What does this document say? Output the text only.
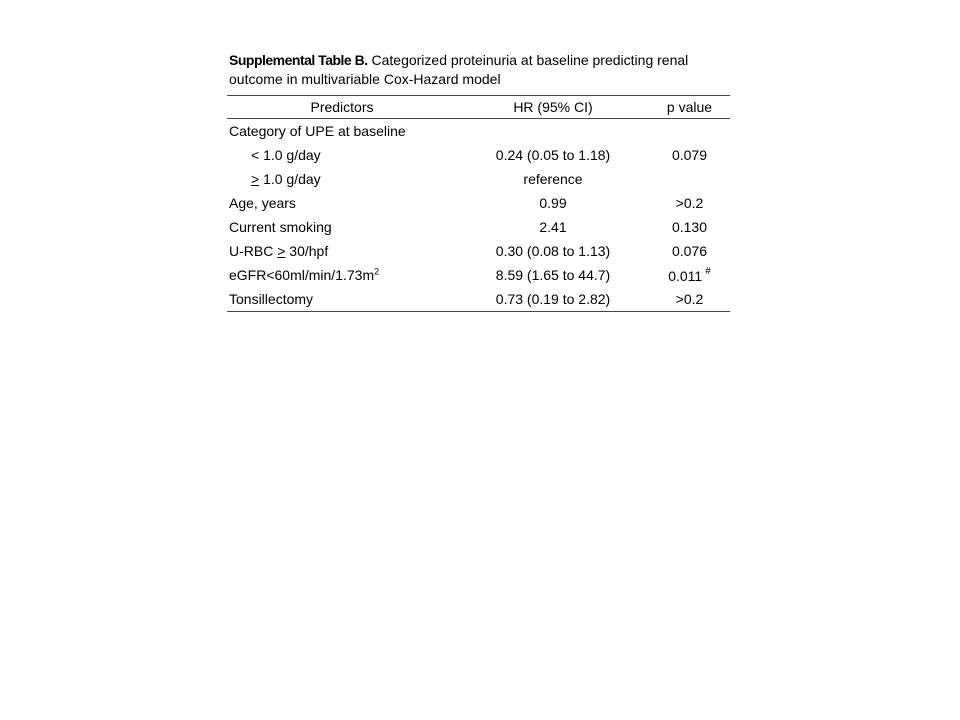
Supplemental Table B. Categorized proteinuria at baseline predicting renal outcome in multivariable Cox-Hazard model
Predictors	HR (95% CI)	p value
Category of UPE at baseline		
< 1.0 g/day	0.24 (0.05 to 1.18)	0.079
≥ 1.0 g/day	reference	
Age, years	0.99	>0.2
Current smoking	2.41	0.130
U-RBC ≥ 30/hpf	0.30 (0.08 to 1.13)	0.076
$eGFR<60ml/\min/1.73m^2$	8.59 (1.65 to 44.7)	0.011 #
Tonsillectomy	0.73 (0.19 to 2.82)	>0.2
